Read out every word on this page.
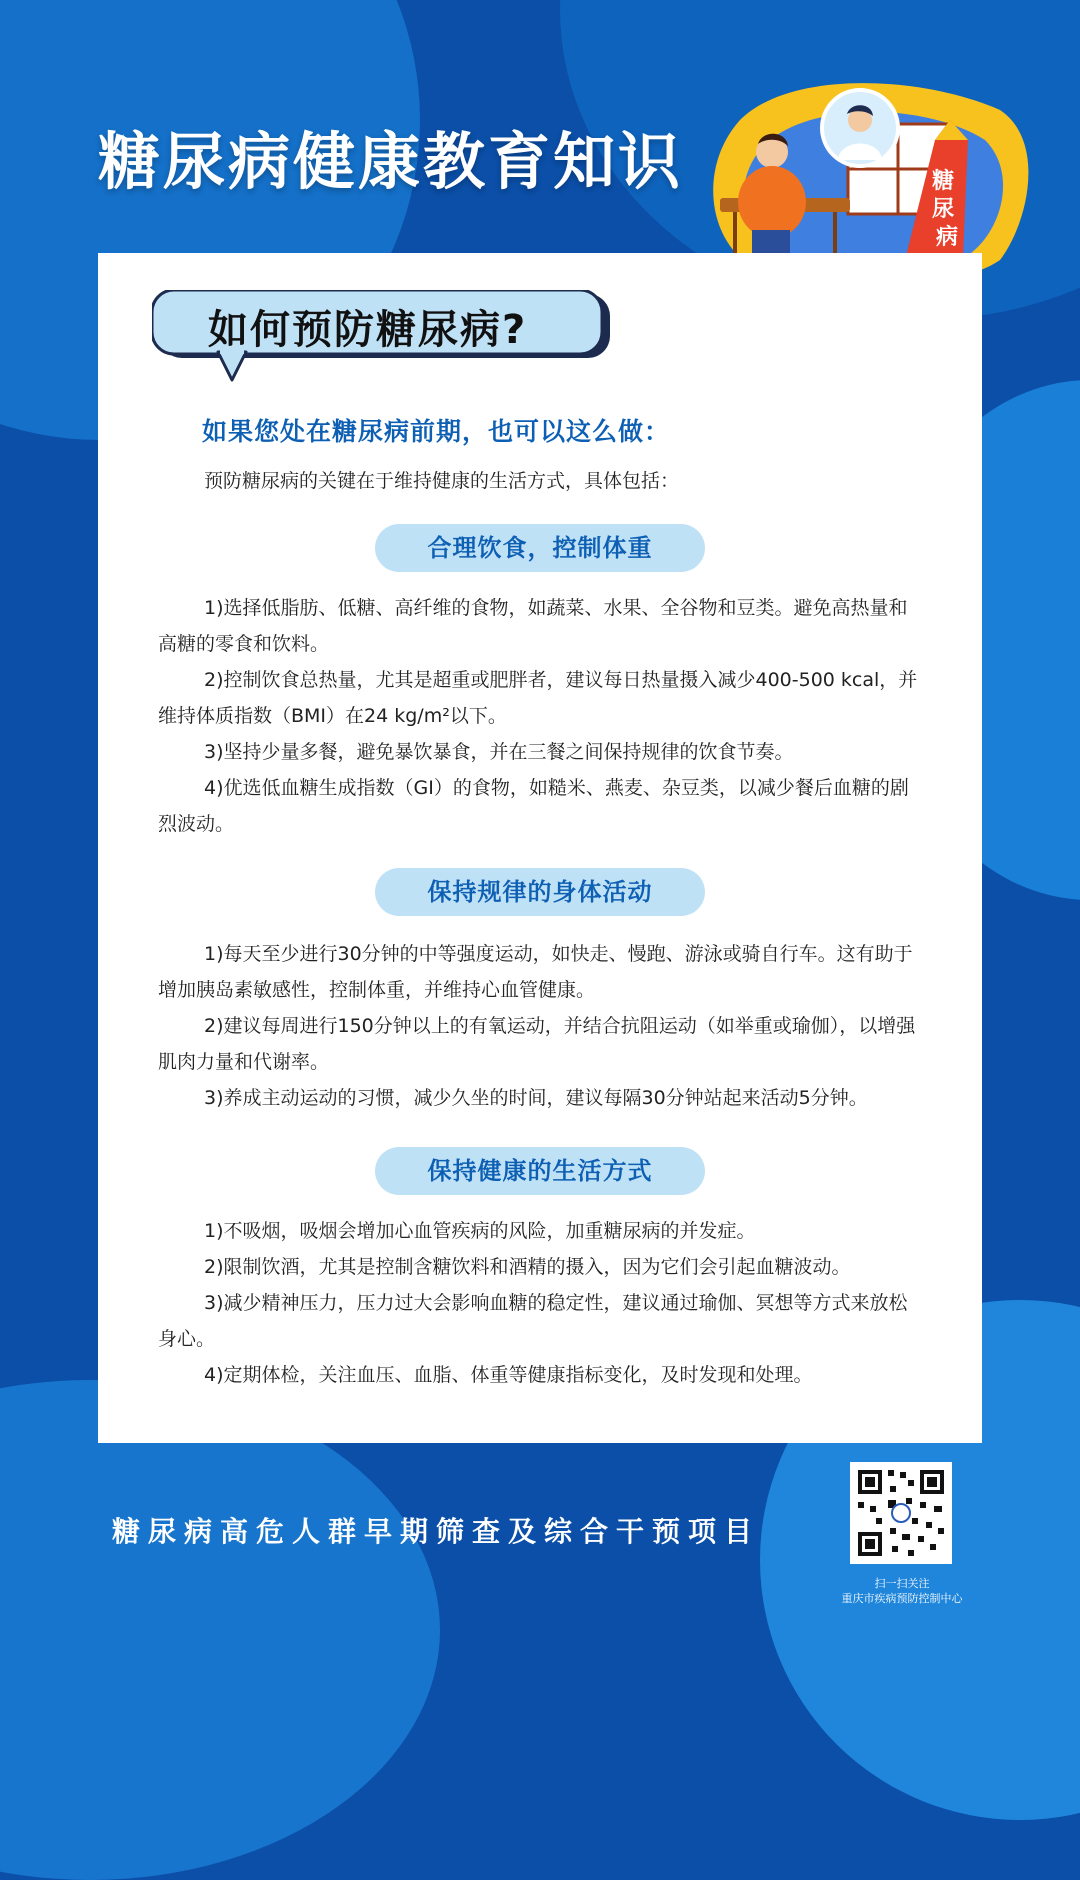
糖尿病健康教育知识	糖 尿 病
如何预防糖尿病?

如果您处在糖尿病前期，也可以这么做：

预防糖尿病的关键在于维持健康的生活方式，具体包括：

合理饮食，控制体重

1)选择低脂肪、低糖、高纤维的食物，如蔬菜、水果、全谷物和豆类。避免高热量和高糖的零食和饮料。

2)控制饮食总热量，尤其是超重或肥胖者，建议每日热量摄入减少400-500 kcal，并维持体质指数（BMI）在24 kg/m²以下。

3)坚持少量多餐，避免暴饮暴食，并在三餐之间保持规律的饮食节奏。

4)优选低血糖生成指数（GI）的食物，如糙米、燕麦、杂豆类，以减少餐后血糖的剧烈波动。

保持规律的身体活动

1)每天至少进行30分钟的中等强度运动，如快走、慢跑、游泳或骑自行车。这有助于增加胰岛素敏感性，控制体重，并维持心血管健康。

2)建议每周进行150分钟以上的有氧运动，并结合抗阻运动（如举重或瑜伽），以增强肌肉力量和代谢率。

3)养成主动运动的习惯，减少久坐的时间，建议每隔30分钟站起来活动5分钟。

保持健康的生活方式

1)不吸烟，吸烟会增加心血管疾病的风险，加重糖尿病的并发症。

2)限制饮酒，尤其是控制含糖饮料和酒精的摄入，因为它们会引起血糖波动。

3)减少精神压力，压力过大会影响血糖的稳定性，建议通过瑜伽、冥想等方式来放松身心。

4)定期体检，关注血压、血脂、体重等健康指标变化，及时发现和处理。

糖尿病高危人群早期筛查及综合干预项目

扫一扫关注
重庆市疾病预防控制中心
